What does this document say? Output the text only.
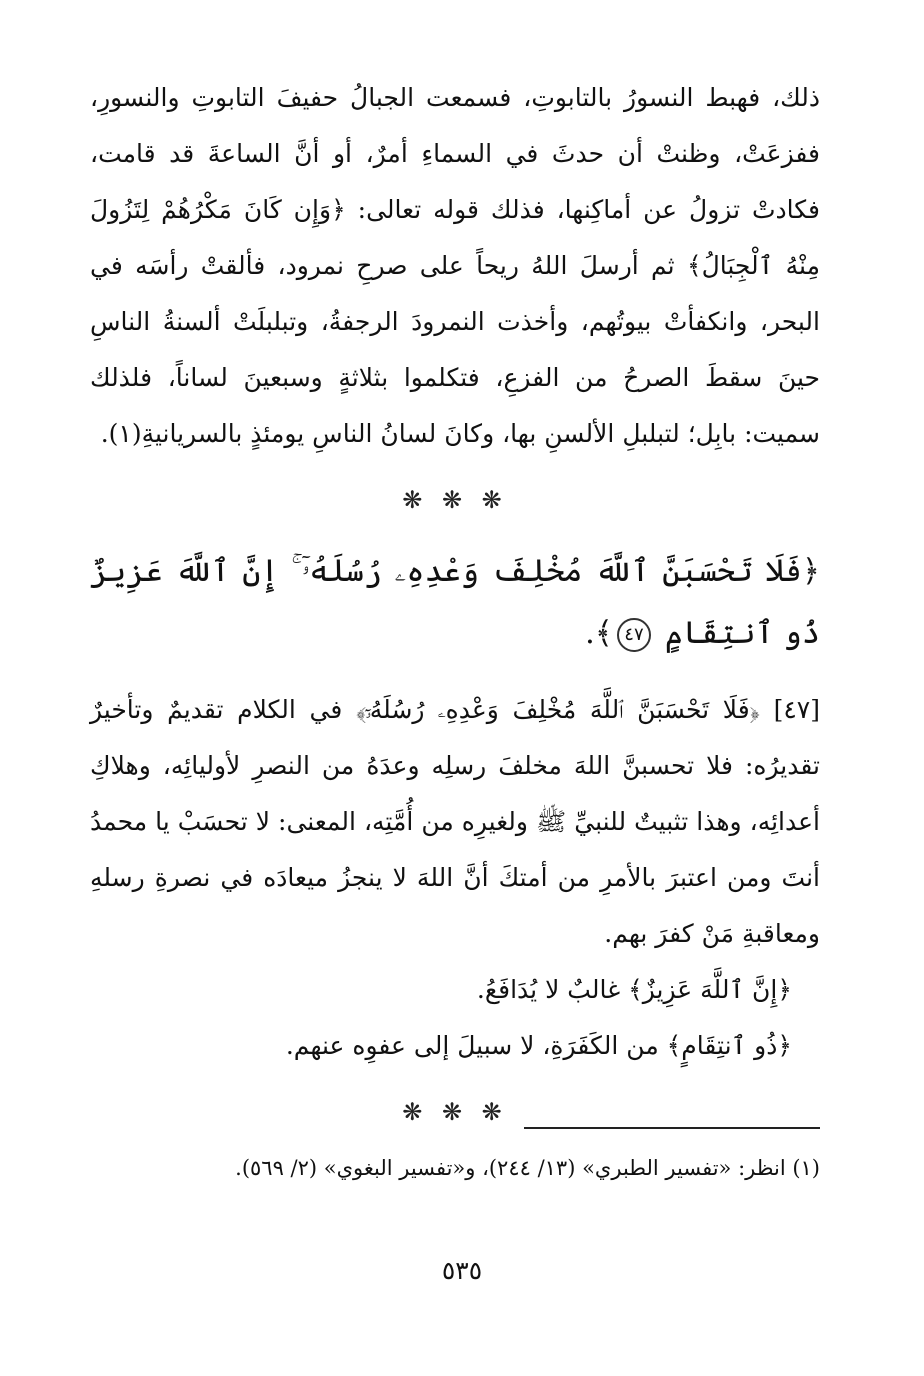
ذلك، فهبط النسورُ بالتابوتِ، فسمعت الجبالُ حفيفَ التابوتِ والنسورِ، ففزعَتْ، وظنتْ أن حدثَ في السماءِ أمرٌ، أو أنَّ الساعةَ قد قامت، فكادتْ تزولُ عن أماكِنها، فذلك قوله تعالى: ﴿وَإِن كَانَ مَكْرُهُمْ لِتَزُولَ مِنْهُ ٱلْجِبَالُ﴾ ثم أرسلَ اللهُ ريحاً على صرحِ نمرود، فألقتْ رأسَه في البحر، وانكفأتْ بيوتُهم، وأخذت النمرودَ الرجفةُ، وتبلبلَتْ ألسنةُ الناسِ حينَ سقطَ الصرحُ من الفزعِ، فتكلموا بثلاثةٍ وسبعينَ لساناً، فلذلك سميت: بابِل؛ لتبلبلِ الألسنِ بها، وكانَ لسانُ الناسِ يومئذٍ بالسريانيةِ(١).

❋ ❋ ❋

﴿فَلَا تَحْسَبَنَّ ٱللَّهَ مُخْلِفَ وَعْدِهِۦ رُسُلَهُۥٓ ۚ إِنَّ ٱللَّهَ عَزِيزٌ ذُو ٱنتِقَامٍ ٤٧﴾.

[٤٧] ﴿فَلَا تَحْسَبَنَّ ٱللَّهَ مُخْلِفَ وَعْدِهِۦ رُسُلَهُۥٓ﴾ في الكلام تقديمٌ وتأخيرٌ تقديرُه: فلا تحسبنَّ اللهَ مخلفَ رسلِه وعدَهُ من النصرِ لأوليائِه، وهلاكِ أعدائِه، وهذا تثبيتٌ للنبيِّ ﷺ ولغيرِه من أُمَّتِه، المعنى: لا تحسَبْ يا محمدُ أنتَ ومن اعتبرَ بالأمرِ من أمتكَ أنَّ اللهَ لا ينجزُ ميعادَه في نصرةِ رسلهِ ومعاقبةِ مَنْ كفرَ بهم.

﴿إِنَّ ٱللَّهَ عَزِيزٌ﴾ غالبٌ لا يُدَافَعُ.

﴿ذُو ٱنتِقَامٍ﴾ من الكَفَرَةِ، لا سبيلَ إلى عفوِه عنهم.

❋ ❋ ❋
(١) انظر: «تفسير الطبري» (١٣/ ٢٤٤)، و«تفسير البغوي» (٢/ ٥٦٩).
٥٣٥
